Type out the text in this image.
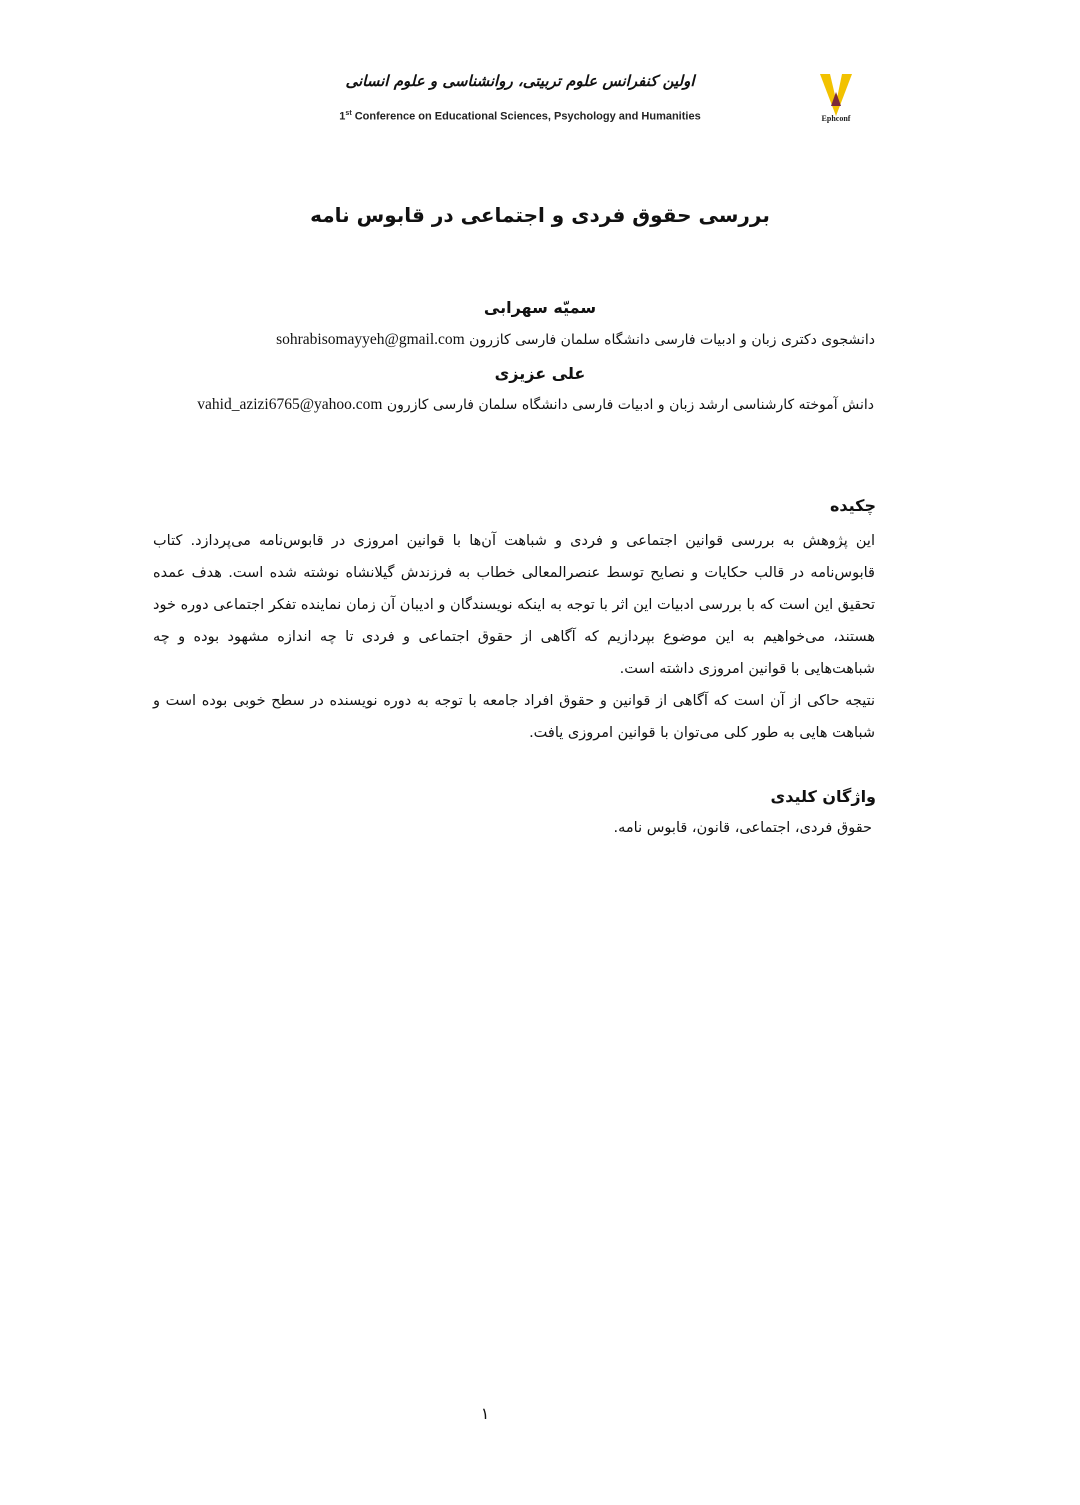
اولین کنفرانس علوم تربیتی، روانشناسی و علوم انسانی
1st Conference on Educational Sciences, Psychology and Humanities	Ephconf
بررسی حقوق فردی و اجتماعی در قابوس نامه
سمیّه سهرابی
دانشجوی دکتری زبان و ادبیات فارسی دانشگاه سلمان فارسی کازرون sohrabisomayyeh@gmail.com
علی عزیزی
دانش آموخته کارشناسی ارشد زبان و ادبیات فارسی دانشگاه سلمان فارسی کازرون vahid_azizi6765@yahoo.com
چکیده
این پژوهش به بررسی قوانین اجتماعی و فردی و شباهت آن‌ها با قوانین امروزی در قابوس‌نامه می‌پردازد. کتاب قابوس‌نامه در قالب حکایات و نصایح توسط عنصرالمعالی خطاب به فرزندش گیلانشاه نوشته شده است. هدف عمده تحقیق این است که با بررسی ادبیات این اثر با توجه به اینکه نویسندگان و ادیبان آن زمان نماینده تفکر اجتماعی دوره خود هستند، می‌خواهیم به این موضوع بپردازیم که آگاهی از حقوق اجتماعی و فردی تا چه اندازه مشهود بوده و چه شباهت‌هایی با قوانین امروزی داشته است.
نتیجه حاکی از آن است که آگاهی از قوانین و حقوق افراد جامعه با توجه به دوره نویسنده در سطح خوبی بوده است و شباهت هایی به طور کلی می‌توان با قوانین امروزی یافت.
واژگان کلیدی
حقوق فردی، اجتماعی، قانون، قابوس نامه.
۱
